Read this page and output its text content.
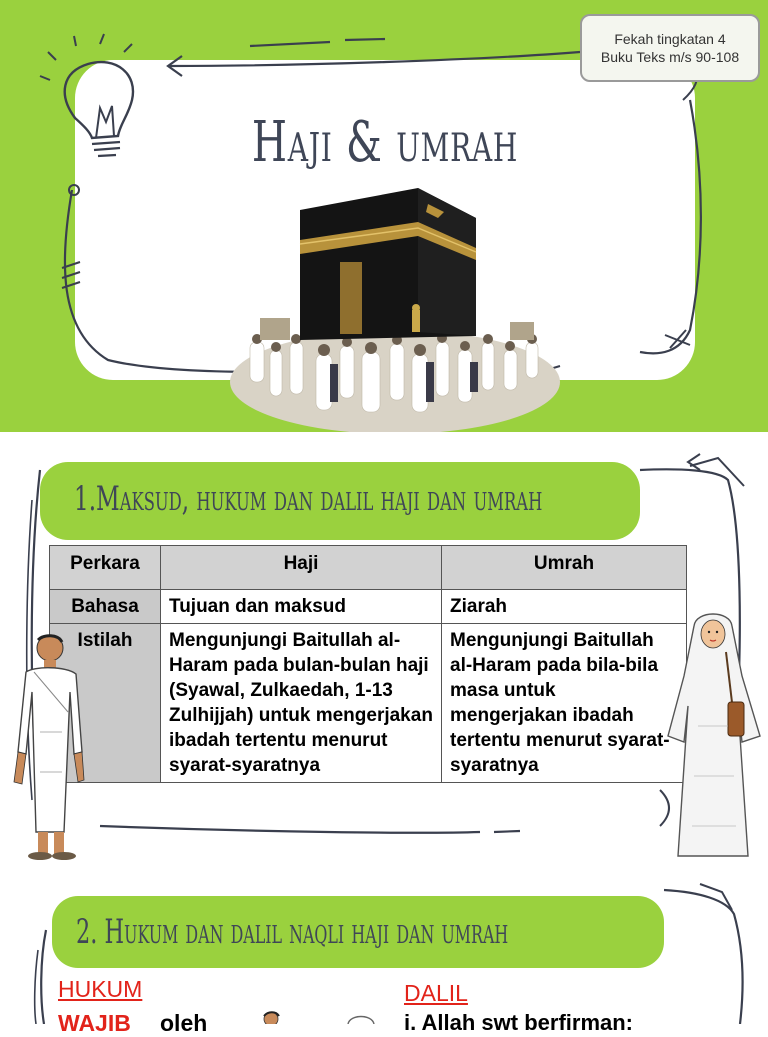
Fekah tingkatan 4
Buku Teks m/s 90-108
Haji & umrah
1.Maksud, hukum dan dalil haji dan umrah
Perkara	Haji	Umrah
Bahasa	Tujuan dan maksud	Ziarah
Istilah	Mengunjungi Baitullah al-Haram pada bulan-bulan haji (Syawal, Zulkaedah, 1-13 Zulhijjah) untuk mengerjakan ibadah tertentu menurut syarat-syaratnya	Mengunjungi Baitullah al-Haram pada bila-bila masa untuk mengerjakan ibadah tertentu menurut syarat-syaratnya
2. Hukum dan dalil naqli haji dan umrah
HUKUM	DALIL
WAJIB oleh	i. Allah swt berfirman:
